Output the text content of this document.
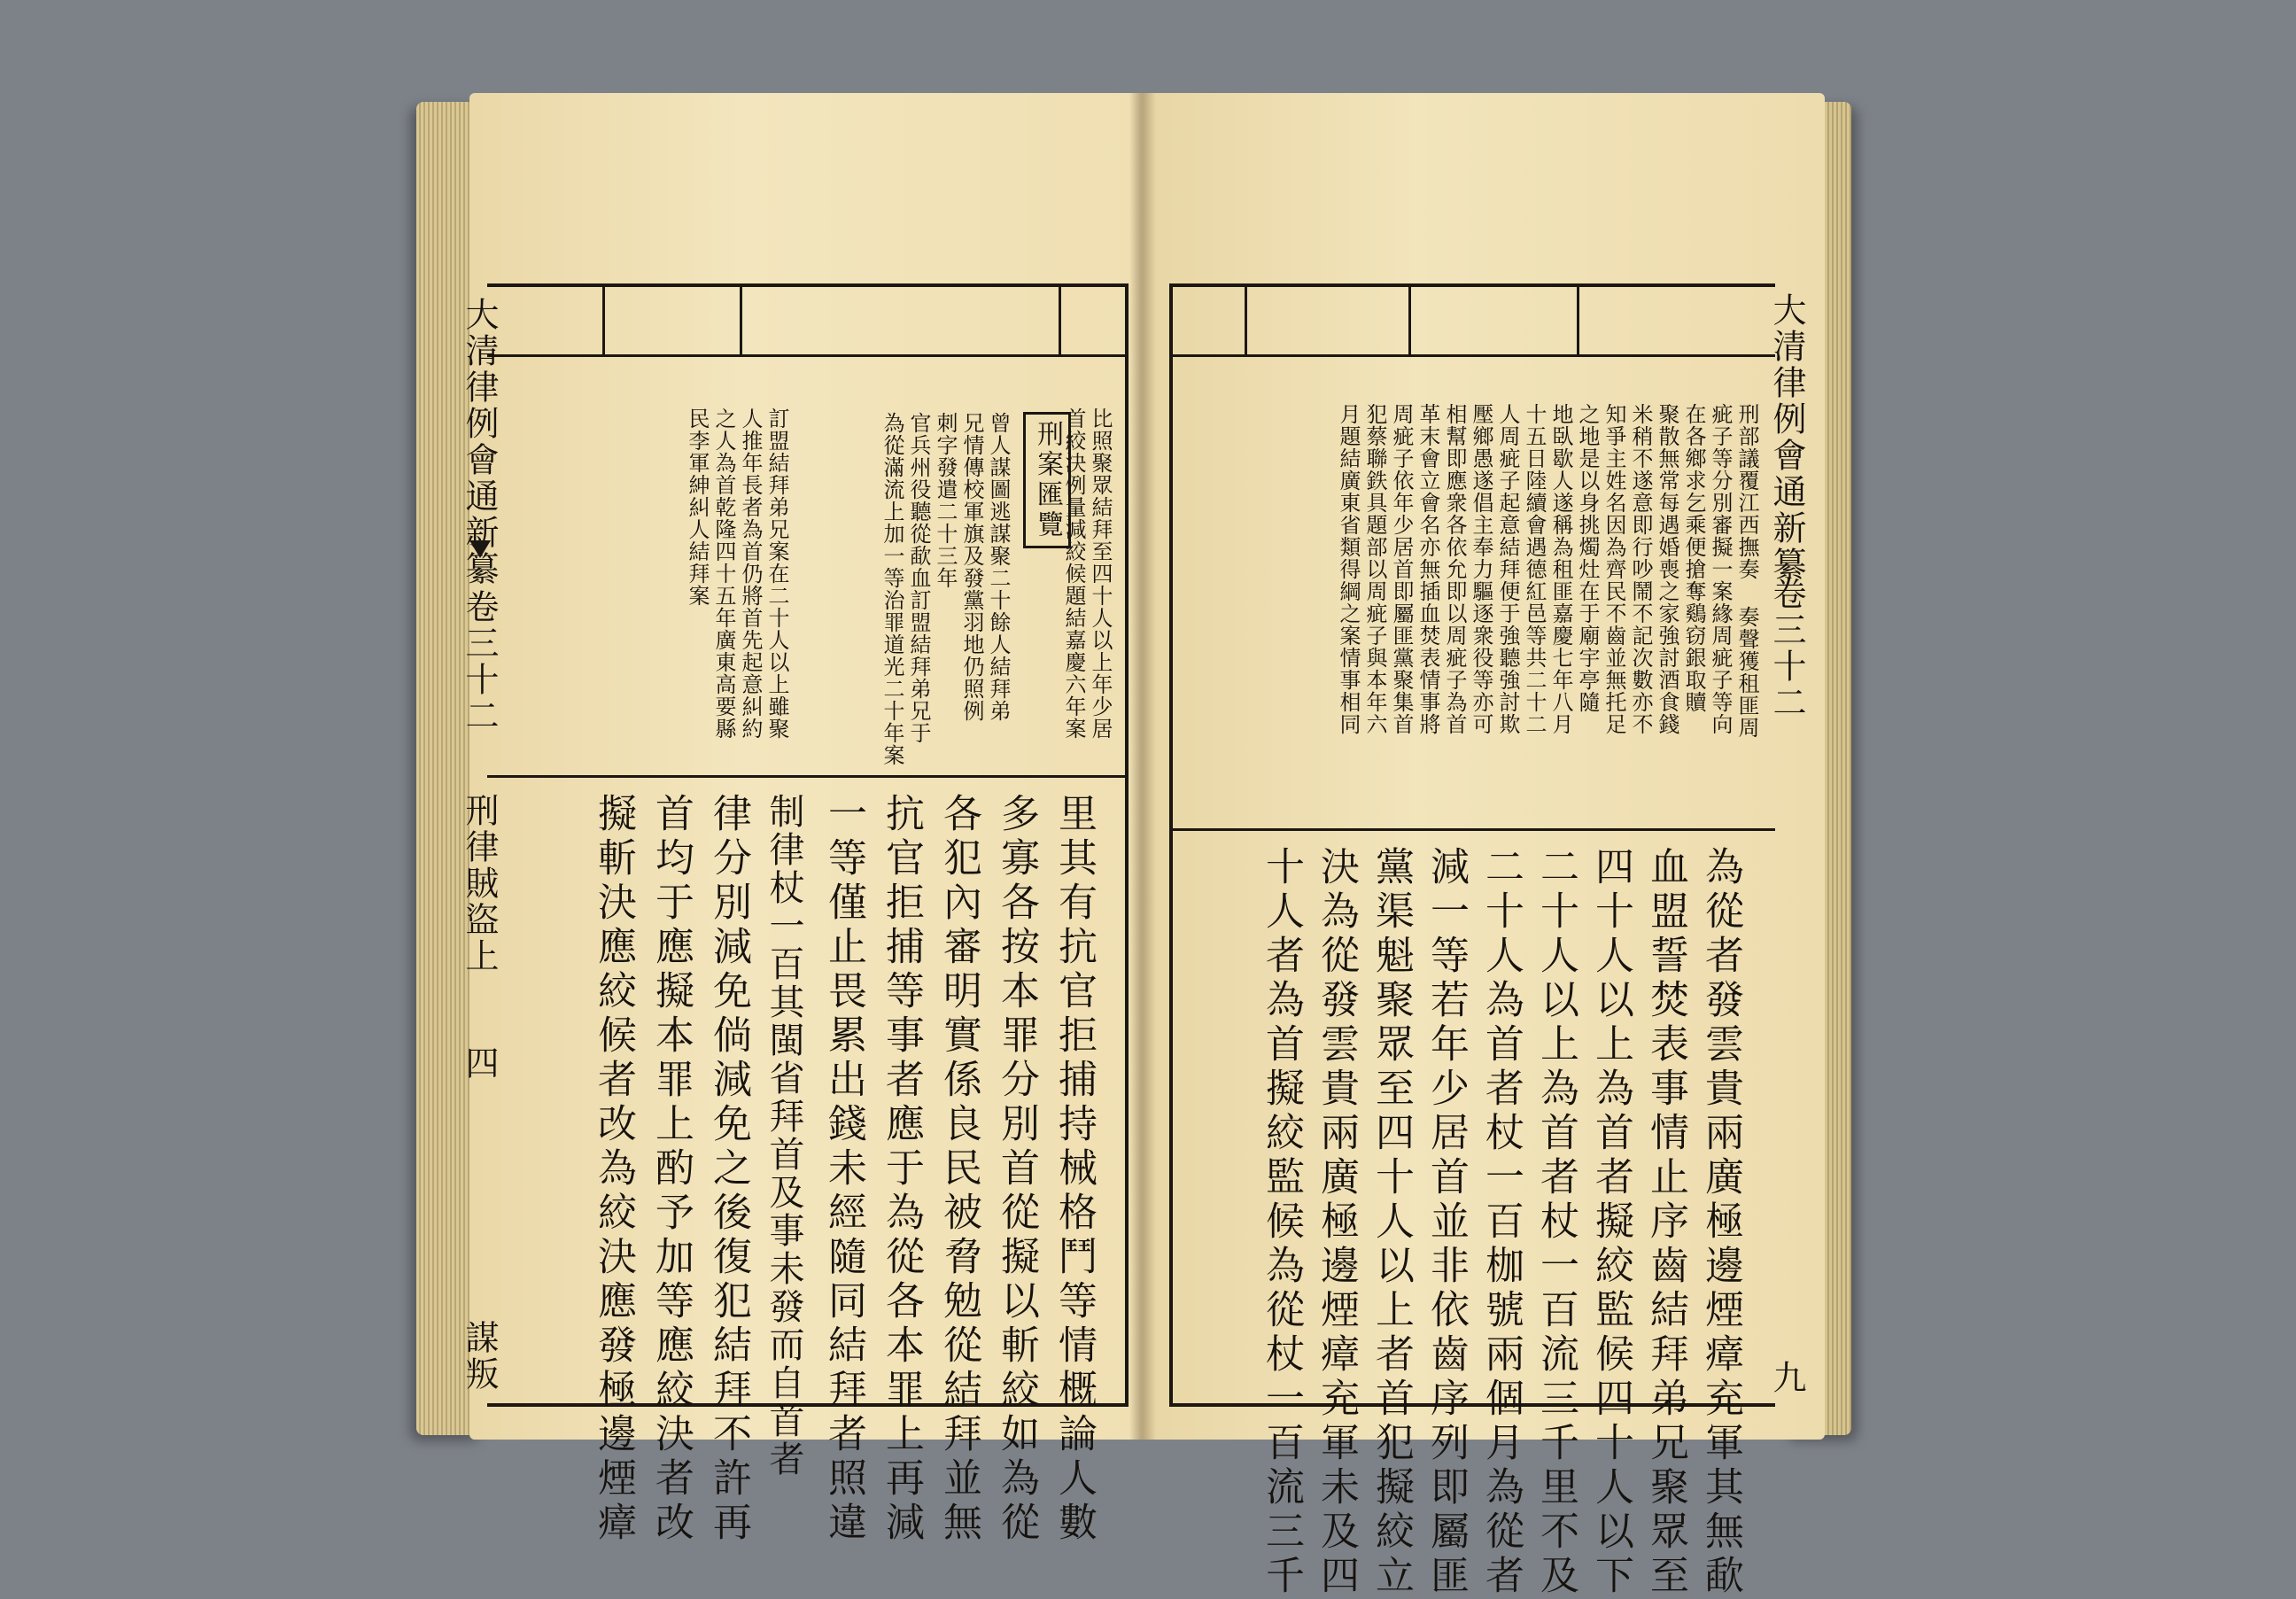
大清律例會通新纂
卷三十二
刑律賊盜上
四
謀叛
比照聚眾結拜至四十人以上年少居
首絞決例量減絞候題結嘉慶六年案
刑案匯覽
曾人謀圖逃謀聚二十餘人結拜弟
兄情傳校軍旗及發黨羽地仍照例
刺字發遣二十三年
官兵州役聽從歃血訂盟結拜弟兄于
為從滿流上加一等治罪道光二十年案
訂盟結拜弟兄案在二十人以上雖聚
人推年長者為首仍將首先起意糾約
之人為首乾隆四十五年廣東高要縣
民李軍紳糾人結拜案
里其有抗官拒捕持械格鬥等情概論人數
多寡各按本罪分別首從擬以斬絞如為從
各犯內審明實係良民被脅勉從結拜並無
抗官拒捕等事者應于為從各本罪上再減
一等僅止畏累出錢未經隨同結拜者照違
制律杖一百其閩省拜首及事未發而自首者
律分別減免倘減免之後復犯結拜不許再
首均于應擬本罪上酌予加等應絞決者改
擬斬決應絞候者改為絞決應發極邊煙瘴
大清律例會通新纂
卷三十二
九
刑部議覆江西撫奏 奏聲獲租匪周
疵子等分別審擬一案緣周疵子等向
在各鄉求乞乘便搶奪鷄窃銀取贖
聚散無常每遇婚喪之家強討酒食錢
米稍不遂意即行吵鬧不記次數亦不
知爭主姓名因為齊民不齒並無托足
之地是以身挑燭灶在于廟宇亭隨
地臥歇人遂稱為租匪嘉慶七年八月
十五日陸續會遇德紅邑等共二十二
人周疵子起意結拜便于強聽強討欺
壓鄉愚遂倡主奉力驅逐衆役等亦可
相幫即應衆各依允即以周疵子為首
革末會立會名亦無插血焚表情事將
周疵子依年少居首即屬匪黨聚集首
犯蔡聯鉄具題部以周疵子與本年六
月題結廣東省類得綱之案情事相同
為從者發雲貴兩廣極邊煙瘴充軍其無歃
血盟誓焚表事情止序齒結拜弟兄聚眾至
四十人以上為首者擬絞監候四十人以下
二十人以上為首者杖一百流三千里不及
二十人為首者杖一百枷號兩個月為從者
減一等若年少居首並非依齒序列即屬匪
黨渠魁聚眾至四十人以上者首犯擬絞立
決為從發雲貴兩廣極邊煙瘴充軍未及四
十人者為首擬絞監候為從杖一百流三千
